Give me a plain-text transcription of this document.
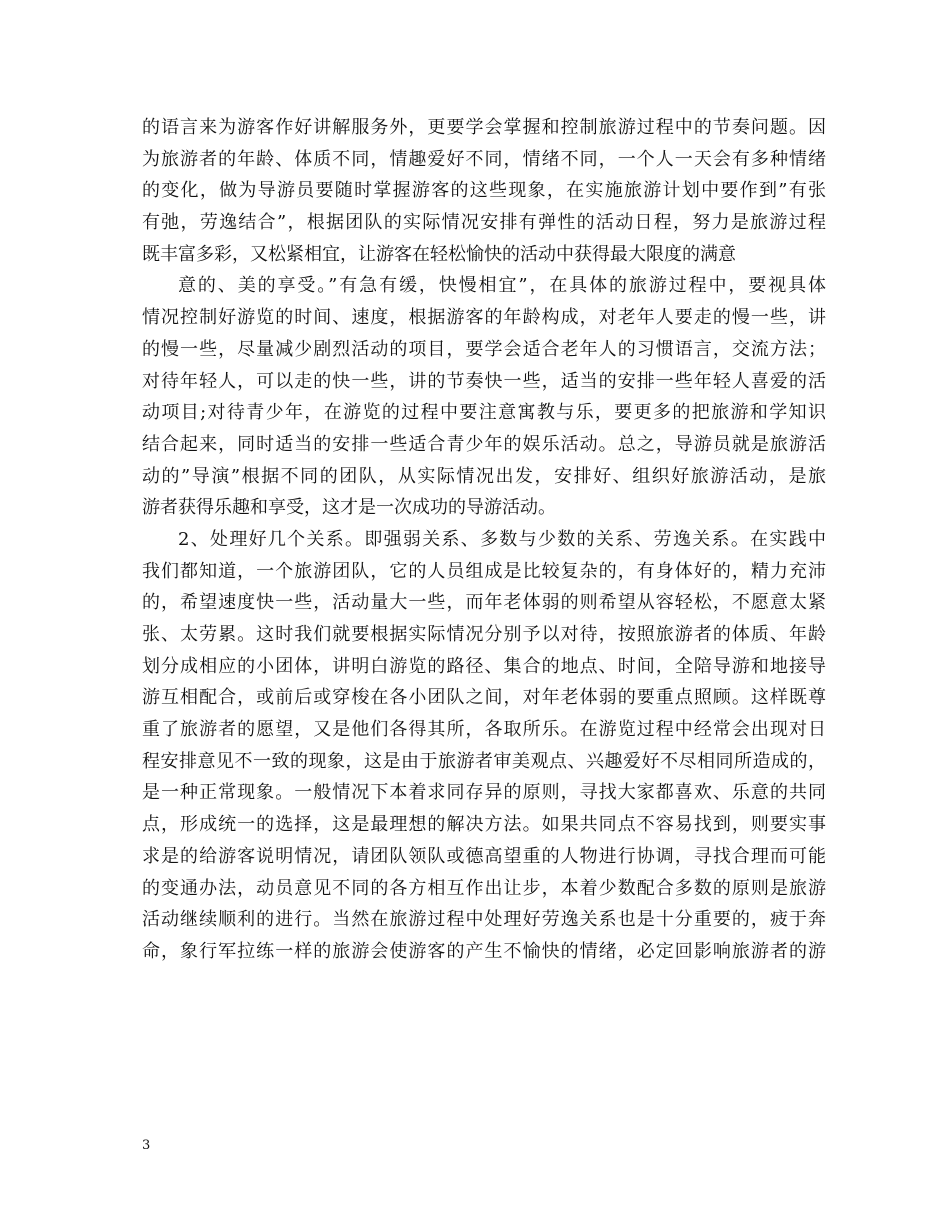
的语言来为游客作好讲解服务外，更要学会掌握和控制旅游过程中的节奏问题。因
为旅游者的年龄、体质不同，情趣爱好不同，情绪不同，一个人一天会有多种情绪
的变化，做为导游员要随时掌握游客的这些现象，在实施旅游计划中要作到”有张
有弛，劳逸结合”，根据团队的实际情况安排有弹性的活动日程，努力是旅游过程
既丰富多彩，又松紧相宜，让游客在轻松愉快的活动中获得最大限度的满意
意的、美的享受。”有急有缓，快慢相宜”，在具体的旅游过程中，要视具体
情况控制好游览的时间、速度，根据游客的年龄构成，对老年人要走的慢一些，讲
的慢一些，尽量减少剧烈活动的项目，要学会适合老年人的习惯语言，交流方法；
对待年轻人，可以走的快一些，讲的节奏快一些，适当的安排一些年轻人喜爱的活
动项目;对待青少年，在游览的过程中要注意寓教与乐，要更多的把旅游和学知识
结合起来，同时适当的安排一些适合青少年的娱乐活动。总之，导游员就是旅游活
动的”导演”根据不同的团队，从实际情况出发，安排好、组织好旅游活动，是旅
游者获得乐趣和享受，这才是一次成功的导游活动。
2、处理好几个关系。即强弱关系、多数与少数的关系、劳逸关系。在实践中
我们都知道，一个旅游团队，它的人员组成是比较复杂的，有身体好的，精力充沛
的，希望速度快一些，活动量大一些，而年老体弱的则希望从容轻松，不愿意太紧
张、太劳累。这时我们就要根据实际情况分别予以对待，按照旅游者的体质、年龄
划分成相应的小团体，讲明白游览的路径、集合的地点、时间，全陪导游和地接导
游互相配合，或前后或穿梭在各小团队之间，对年老体弱的要重点照顾。这样既尊
重了旅游者的愿望，又是他们各得其所，各取所乐。在游览过程中经常会出现对日
程安排意见不一致的现象，这是由于旅游者审美观点、兴趣爱好不尽相同所造成的，
是一种正常现象。一般情况下本着求同存异的原则，寻找大家都喜欢、乐意的共同
点，形成统一的选择，这是最理想的解决方法。如果共同点不容易找到，则要实事
求是的给游客说明情况，请团队领队或德高望重的人物进行协调，寻找合理而可能
的变通办法，动员意见不同的各方相互作出让步，本着少数配合多数的原则是旅游
活动继续顺利的进行。当然在旅游过程中处理好劳逸关系也是十分重要的，疲于奔
命，象行军拉练一样的旅游会使游客的产生不愉快的情绪，必定回影响旅游者的游
3
